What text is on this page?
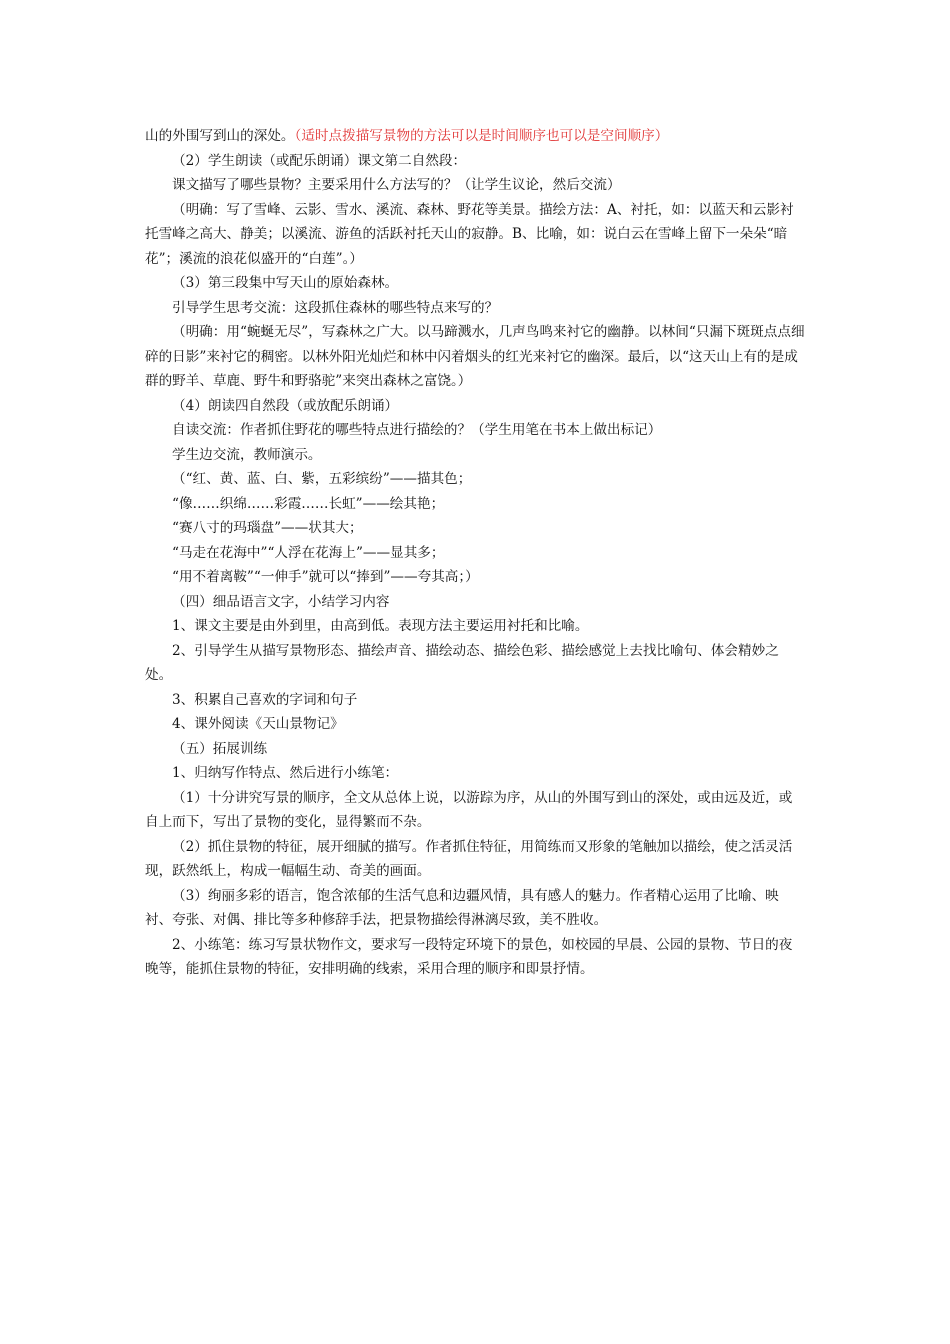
山的外围写到山的深处。（适时点拨描写景物的方法可以是时间顺序也可以是空间顺序）

（2）学生朗读（或配乐朗诵）课文第二自然段：

课文描写了哪些景物？主要采用什么方法写的？（让学生议论，然后交流）

（明确：写了雪峰、云影、雪水、溪流、森林、野花等美景。描绘方法：A、衬托，如：以蓝天和云影衬托雪峰之高大、静美；以溪流、游鱼的活跃衬托天山的寂静。B、比喻，如：说白云在雪峰上留下一朵朵“暗花”；溪流的浪花似盛开的“白莲”。）

（3）第三段集中写天山的原始森林。

引导学生思考交流：这段抓住森林的哪些特点来写的？

（明确：用“蜿蜒无尽”，写森林之广大。以马蹄溅水，几声鸟鸣来衬它的幽静。以林间“只漏下斑斑点点细碎的日影”来衬它的稠密。以林外阳光灿烂和林中闪着烟头的红光来衬它的幽深。最后，以“这天山上有的是成群的野羊、草鹿、野牛和野骆驼”来突出森林之富饶。）

（4）朗读四自然段（或放配乐朗诵）

自读交流：作者抓住野花的哪些特点进行描绘的？（学生用笔在书本上做出标记）

学生边交流，教师演示。

（“红、黄、蓝、白、紫，五彩缤纷”——描其色；

“像……织绵……彩霞……长虹”——绘其艳；

“赛八寸的玛瑙盘”——状其大；

“马走在花海中”“人浮在花海上”——显其多；

“用不着离鞍”“一伸手”就可以“捧到”——夸其高；）

（四）细品语言文字，小结学习内容

1、课文主要是由外到里，由高到低。表现方法主要运用衬托和比喻。

2、引导学生从描写景物形态、描绘声音、描绘动态、描绘色彩、描绘感觉上去找比喻句、体会精妙之处。

3、积累自己喜欢的字词和句子

4、课外阅读《天山景物记》

（五）拓展训练

1、归纳写作特点、然后进行小练笔：

（1）十分讲究写景的顺序，全文从总体上说，以游踪为序，从山的外围写到山的深处，或由远及近，或自上而下，写出了景物的变化，显得繁而不杂。

（2）抓住景物的特征，展开细腻的描写。作者抓住特征，用简练而又形象的笔触加以描绘，使之活灵活现，跃然纸上，构成一幅幅生动、奇美的画面。

（3）绚丽多彩的语言，饱含浓郁的生活气息和边疆风情，具有感人的魅力。作者精心运用了比喻、映衬、夸张、对偶、排比等多种修辞手法，把景物描绘得淋漓尽致，美不胜收。

2、小练笔：练习写景状物作文，要求写一段特定环境下的景色，如校园的早晨、公园的景物、节日的夜晚等，能抓住景物的特征，安排明确的线索，采用合理的顺序和即景抒情。
